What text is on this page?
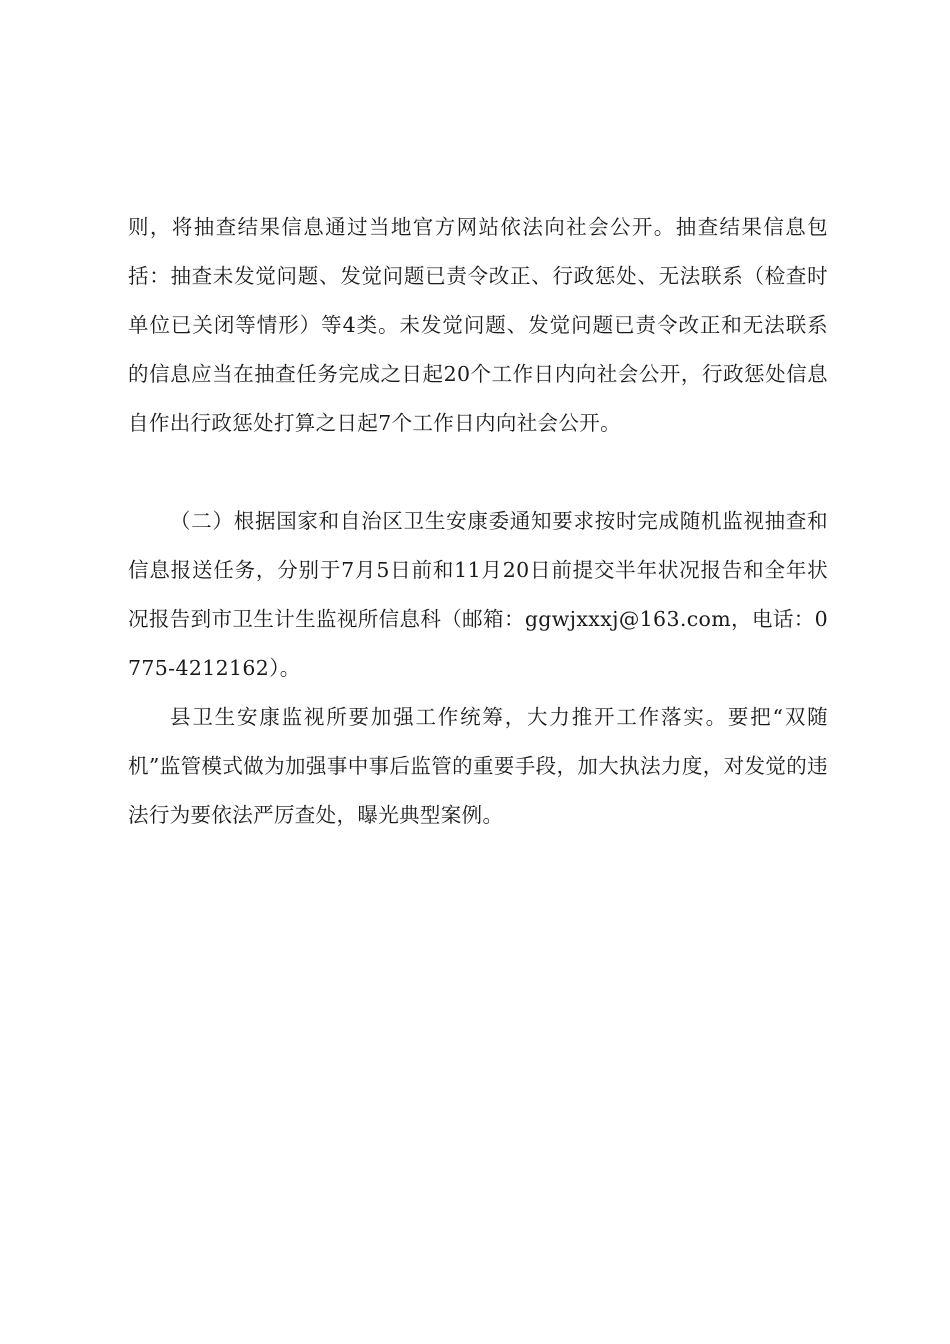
则，将抽查结果信息通过当地官方网站依法向社会公开。抽查结果信息包括：抽查未发觉问题、发觉问题已责令改正、行政惩处、无法联系（检查时单位已关闭等情形）等4类。未发觉问题、发觉问题已责令改正和无法联系的信息应当在抽查任务完成之日起20个工作日内向社会公开，行政惩处信息自作出行政惩处打算之日起7个工作日内向社会公开。

（二）根据国家和自治区卫生安康委通知要求按时完成随机监视抽查和信息报送任务，分别于7月5日前和11月20日前提交半年状况报告和全年状况报告到市卫生计生监视所信息科（邮箱：ggwjxxxj@163.com，电话：0775-4212162）。

县卫生安康监视所要加强工作统筹，大力推开工作落实。要把“双随机”监管模式做为加强事中事后监管的重要手段，加大执法力度，对发觉的违法行为要依法严厉查处，曝光典型案例。
